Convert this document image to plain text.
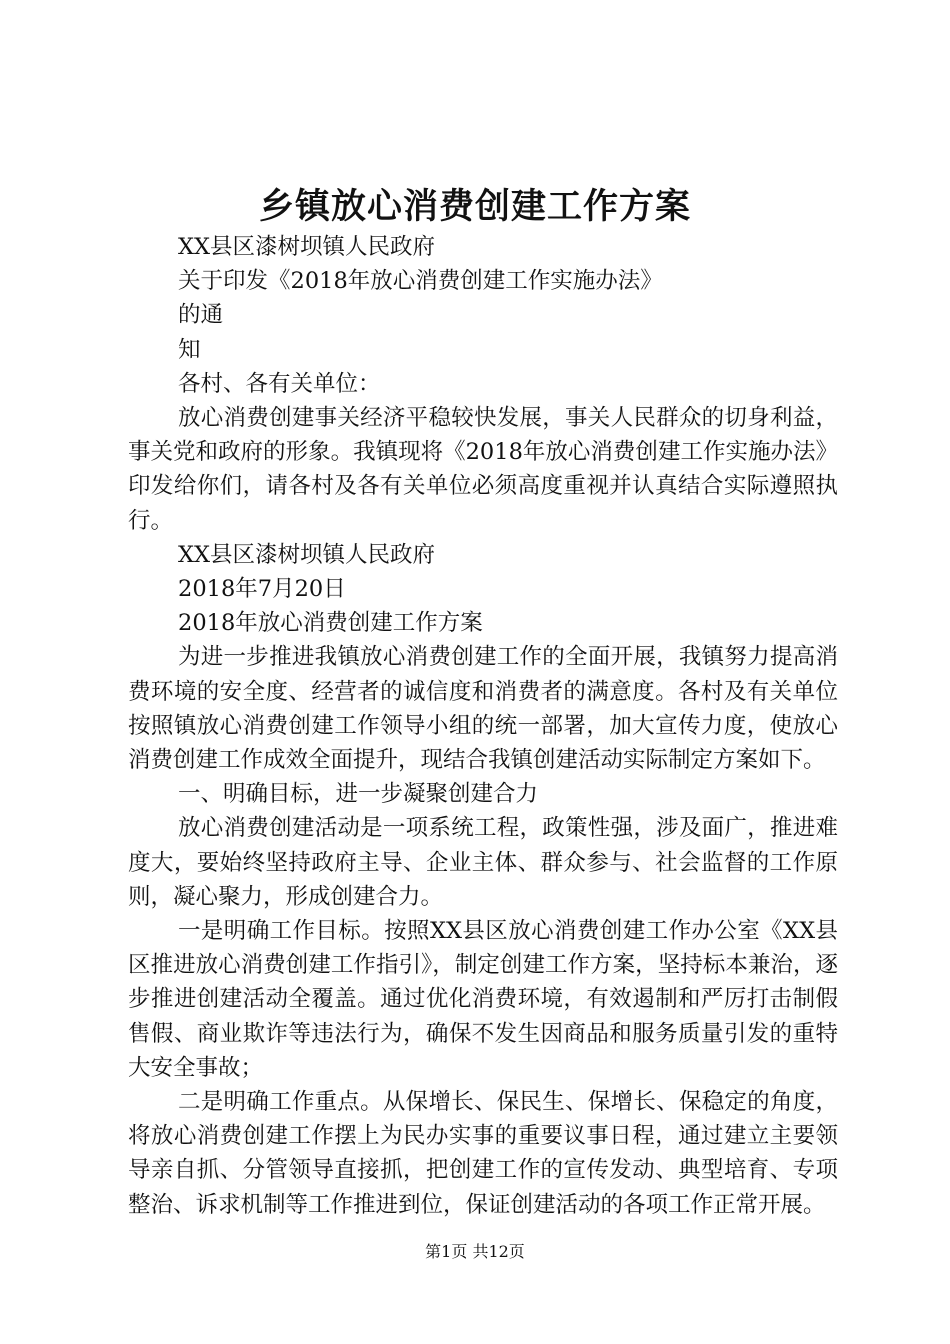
乡镇放心消费创建工作方案

XX县区漆树坝镇人民政府

关于印发《2018年放心消费创建工作实施办法》

的通

知

各村、各有关单位：

放心消费创建事关经济平稳较快发展，事关人民群众的切身利益，事关党和政府的形象。我镇现将《2018年放心消费创建工作实施办法》印发给你们，请各村及各有关单位必须高度重视并认真结合实际遵照执行。

XX县区漆树坝镇人民政府

2018年7月20日

2018年放心消费创建工作方案

为进一步推进我镇放心消费创建工作的全面开展，我镇努力提高消费环境的安全度、经营者的诚信度和消费者的满意度。各村及有关单位按照镇放心消费创建工作领导小组的统一部署，加大宣传力度，使放心消费创建工作成效全面提升，现结合我镇创建活动实际制定方案如下。

一、明确目标，进一步凝聚创建合力

放心消费创建活动是一项系统工程，政策性强，涉及面广，推进难度大，要始终坚持政府主导、企业主体、群众参与、社会监督的工作原则，凝心聚力，形成创建合力。

一是明确工作目标。按照XX县区放心消费创建工作办公室《XX县区推进放心消费创建工作指引》，制定创建工作方案，坚持标本兼治，逐步推进创建活动全覆盖。通过优化消费环境，有效遏制和严厉打击制假售假、商业欺诈等违法行为，确保不发生因商品和服务质量引发的重特大安全事故；

二是明确工作重点。从保增长、保民生、保增长、保稳定的角度，将放心消费创建工作摆上为民办实事的重要议事日程，通过建立主要领导亲自抓、分管领导直接抓，把创建工作的宣传发动、典型培育、专项整治、诉求机制等工作推进到位，保证创建活动的各项工作正常开展。

第1页 共12页
